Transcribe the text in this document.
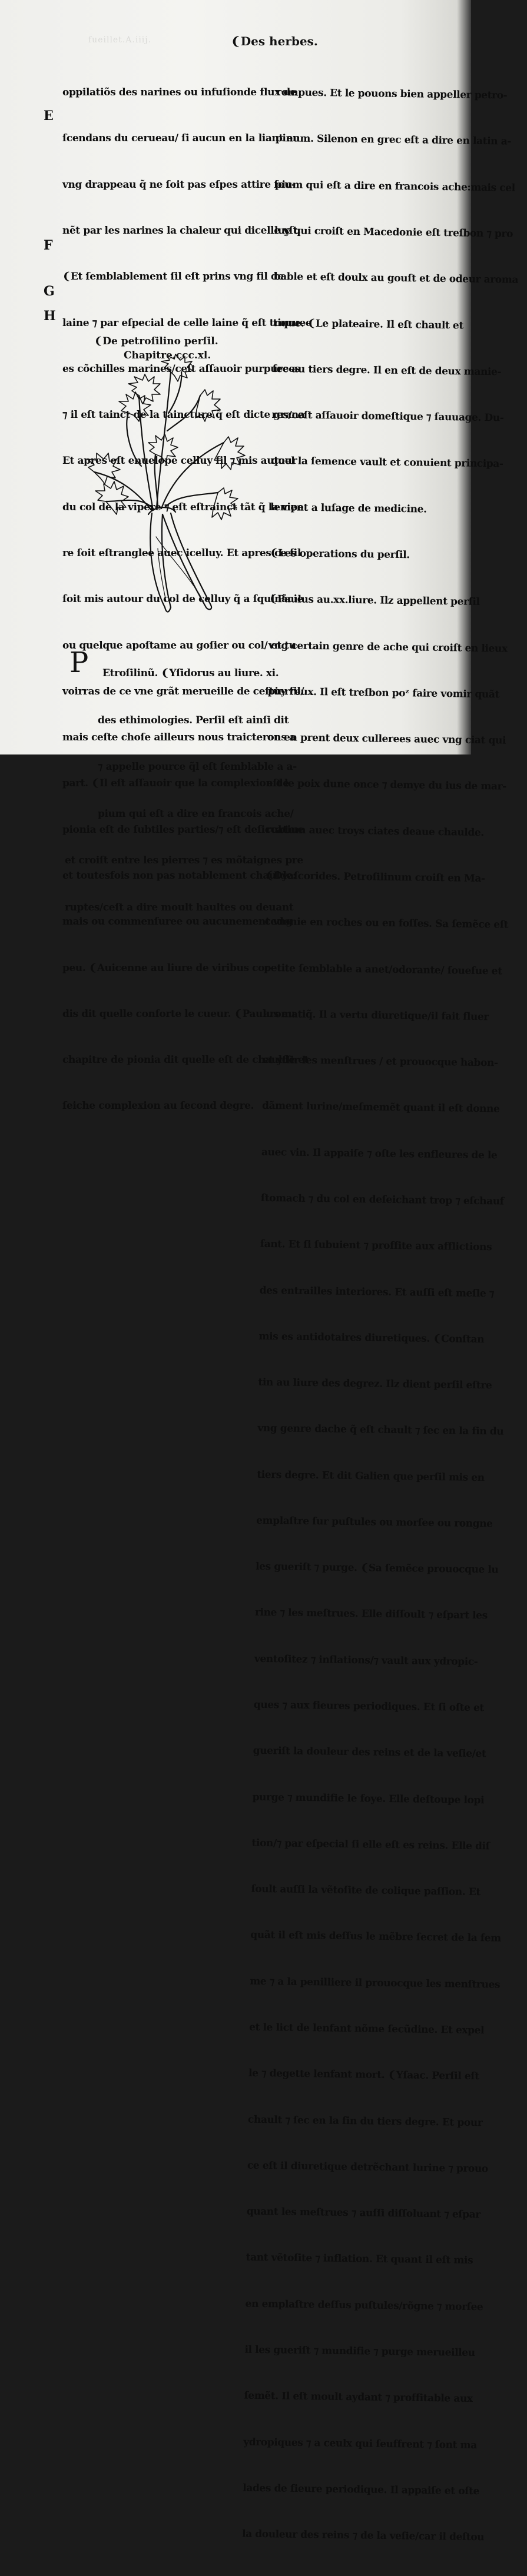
fueillet.A.iiij.	❨Des herbes.

oppilatiõs des narines ou infuſionde flux de

ſcendans du cerueau/ ſi aucun en la liant en

vng drappeau q̃ ne ſoit pas eſpes attire ſou-

nẽt par les narines la chaleur qui dicelle yſt.

❨Et ſemblablement ſil eſt prins vng fil de

laine ⁊ par eſpecial de celle laine q̃ eſt trouuee

es cõchilles marines/ceſt aſſauoir purpurees

⁊ il eſt tainct de la taincture q̃ eſt dicte grana

Et apres eſt enuelope celluy fil ⁊ mis autour

du col de la vipere ⁊ eſt eſtrainct tãt q̃ la vipe

re ſoit eſtranglee auec icelluy. Et apres ce fil

ſoit mis autour du col de celluy q̃ a ſquinãcie

ou quelque apoſtame au goſier ou col/ et tu

voirras de ce vne grãt merueille de ceſtuy fil/

mais ceſte choſe ailleurs nous traicterons a

part. ❨Il eſt aſſauoir que la complexion de

pionia eſt de ſubtiles parties/⁊ eſt deſiccatiue

et toutesfois non pas notablement chaulde:

mais ou commenſuree ou aucunement vng

peu. ❨Auicenne au liure de viribus cor-

dis dit quelle conforte le cueur. ❨Paulus au

chapitre de pionia dit quelle eſt de chaulde et

ſeiche complexion au ſecond degre.

E
F
G
H
❨De petroſilino perſil.
Chapitre.ccc.xl.

rompues. Et le pouons bien appeller petro-

pinum. Silenon en grec eſt a dire en latin a-

pium qui eſt a dire en francois ache:mais cel

luy qui croiſt en Macedonie eſt treſbon ⁊ pro

bable et eſt doulx au gouſt et de odeur aroma

tique. ❨Le plateaire. Il eſt chault et

ſec au tiers degre. Il en eſt de deux manie-

res/ceſt aſſauoir domeſtique ⁊ ſauuage. Du-

quel la ſemence vault et conuient principa-

lement a luſage de medicine.

❨Les operations du perſil.

❨Paulus au.xx.liure. Ilz appellent perſil

vng certain genre de ache qui croiſt en lieux

pierreux. Il eſt treſbon poᶻ faire vomir quãt

on en prent deux cullerees auec vng ciat qui

eſt le poix dune once ⁊ demye du ius de mar-

rubium auec troys ciates deaue chaulde.

❨Dyaſcorides. Petroſilinum croiſt en Ma-

cedonie en roches ou en foſſes. Sa ſemẽce eſt

petite ſemblable a anet/odorante/ ſouefue et

aromatiq̃. Il a vertu diuretique/il fait fluer

et yſſir les menſtrues / et prouocque habon-

dãment lurine/meſmemẽt quant il eſt donne

auec vin. Il appaiſe ⁊ oſte les enfleures de le

ſtomach ⁊ du col en deſeichant trop ⁊ eſchauf

fant. Et ſi ſubuient ⁊ proffite aux afflictions

des entrailles interiores. Et auſſi eſt meſle ⁊

mis es antidotaires diuretiques. ❨Conſtan

tin au liure des degrez. Ilz dient perſil eſtre

vng genre dache q̃ eſt chault ⁊ ſec en la fin du

tiers degre. Et dit Galien que perſil mis en

emplaſtre ſur puſtules ou morſee ou rongne

les gueriſt ⁊ purge. ❨Sa ſemẽce prouocque lu

rine ⁊ les meſtrues. Elle diſſoult ⁊ eſpart les

ventoſitez ⁊ inflations/⁊ vault aux ydropic-

ques ⁊ aux fieures periodiques. Et ſi oſte et

gueriſt la douleur des reins et de la veſie/et

purge ⁊ mundifie le foye. Elle deſtoupe lopi

tion/⁊ par eſpecial ſi elle eſt es reins. Elle diſ

ſoult auſſi la vẽtoſite de colique paſſion. Et

quãt il eſt mis deſſus le mẽbre ſecret de la fem

me ⁊ a la penilliere il prouocque les menſtrues

et le lict de lenfant nõme ſecũdine. Et expel

le ⁊ degette lenfant mort. ❨Yſaac. Perſil eſt

chault ⁊ ſec en la fin du tiers degre. Et pour

ce eſt il diuretique detrẽchant lurine ⁊ prouo

quant les meſtrues ⁊ auſſi diſſoluant ⁊ eſpar

tant vẽtoſite ⁊ inflation. Et quant il eſt mis

en emplaſtre deſſus puſtules/rõgne ⁊ morſee

il les gueriſt ⁊ mundifie ⁊ purge merueilleu

ſemẽt. Il eſt moult aydant ⁊ proffitable aux

ydropiques ⁊ a ceulx qui ſeuffrent ⁊ ſont ma

lades de fieure periodique. Il appaiſe et oſte

la douleur des reins ⁊ de la veſie/car il deſtou

P

	Etroſilinũ. ❨Yſidorus au liure. xi.

des ethimologies. Perſil eſt ainſi dit

⁊ appelle pource q̃l eſt ſemblable a a-

pium qui eſt a dire en francois ache/

et croiſt entre les pierres ⁊ es mõtaignes pre

ruptes/ceſt a dire moult haultes ou deuant
